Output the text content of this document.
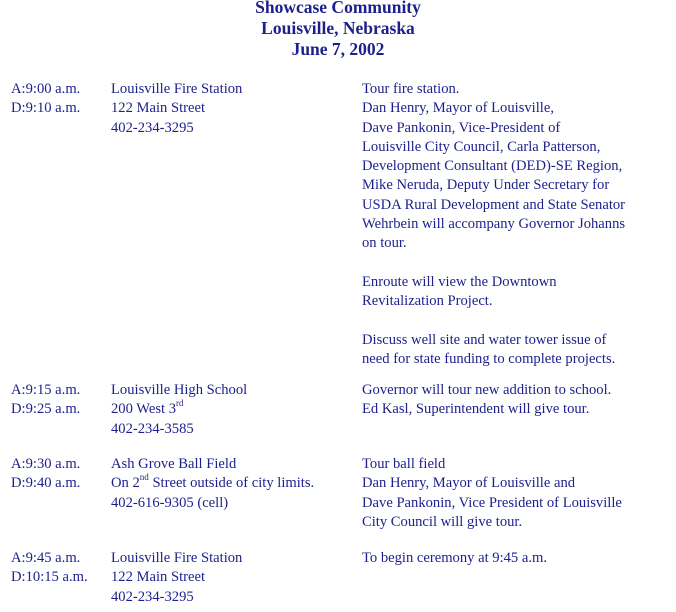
Showcase Community
Louisville, Nebraska
June 7, 2002
A:9:00 a.m.
D:9:10 a.m.
Louisville Fire Station
122 Main Street
402-234-3295
Tour fire station.
Dan Henry, Mayor of Louisville,
Dave Pankonin, Vice-President of
Louisville City Council, Carla Patterson,
Development Consultant (DED)-SE Region,
Mike Neruda, Deputy Under Secretary for
USDA Rural Development and State Senator
Wehrbein will accompany Governor Johanns
on tour.
Enroute will view the Downtown
Revitalization Project.
Discuss well site and water tower issue of
need for state funding to complete projects.
A:9:15 a.m.
D:9:25 a.m.
Louisville High School
200 West 3rd
402-234-3585
Governor will tour new addition to school.
Ed Kasl, Superintendent will give tour.
A:9:30 a.m.
D:9:40 a.m.
Ash Grove Ball Field
On 2nd Street outside of city limits.
402-616-9305 (cell)
Tour ball field
Dan Henry, Mayor of Louisville and
Dave Pankonin, Vice President of Louisville
City Council will give tour.
A:9:45 a.m.
D:10:15 a.m.
Louisville Fire Station
122 Main Street
402-234-3295
To begin ceremony at 9:45 a.m.
